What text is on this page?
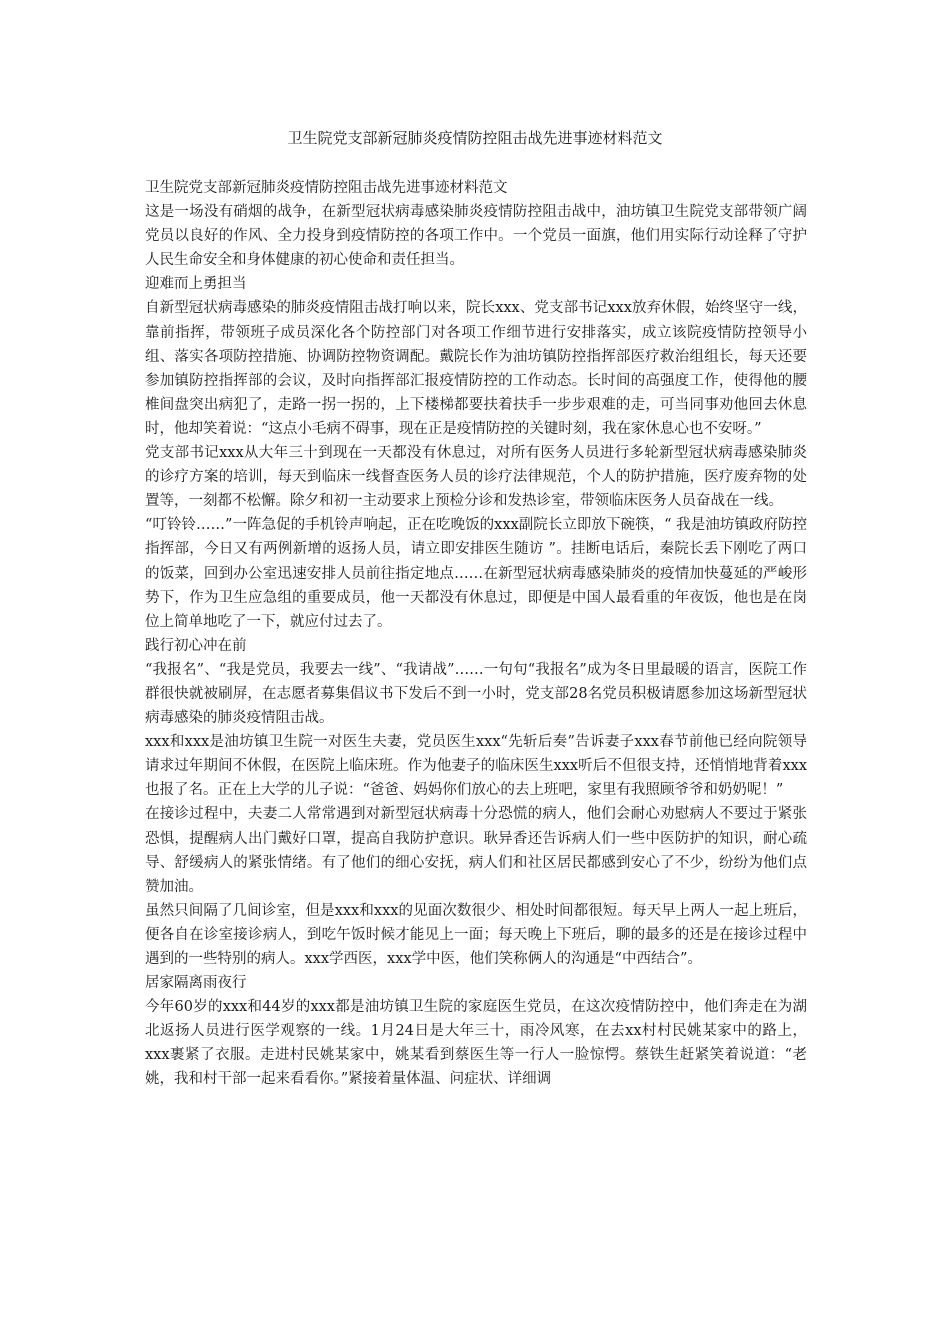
卫生院党支部新冠肺炎疫情防控阻击战先进事迹材料范文

卫生院党支部新冠肺炎疫情防控阻击战先进事迹材料范文

这是一场没有硝烟的战争，在新型冠状病毒感染肺炎疫情防控阻击战中，油坊镇卫生院党支部带领广阔党员以良好的作风、全力投身到疫情防控的各项工作中。一个党员一面旗，他们用实际行动诠释了守护人民生命安全和身体健康的初心使命和责任担当。

迎难而上勇担当

自新型冠状病毒感染的肺炎疫情阻击战打响以来，院长xxx、党支部书记xxx放弃休假，始终坚守一线，靠前指挥，带领班子成员深化各个防控部门对各项工作细节进行安排落实，成立该院疫情防控领导小组、落实各项防控措施、协调防控物资调配。戴院长作为油坊镇防控指挥部医疗救治组组长，每天还要参加镇防控指挥部的会议，及时向指挥部汇报疫情防控的工作动态。长时间的高强度工作，使得他的腰椎间盘突出病犯了，走路一拐一拐的，上下楼梯都要扶着扶手一步步艰难的走，可当同事劝他回去休息时，他却笑着说：“这点小毛病不碍事，现在正是疫情防控的关键时刻，我在家休息心也不安呀。”

党支部书记xxx从大年三十到现在一天都没有休息过，对所有医务人员进行多轮新型冠状病毒感染肺炎的诊疗方案的培训，每天到临床一线督查医务人员的诊疗法律规范，个人的防护措施，医疗废弃物的处置等，一刻都不松懈。除夕和初一主动要求上预检分诊和发热诊室，带领临床医务人员奋战在一线。

“叮铃铃……”一阵急促的手机铃声响起，正在吃晚饭的xxx副院长立即放下碗筷，“ 我是油坊镇政府防控指挥部，今日又有两例新增的返扬人员，请立即安排医生随访 ”。挂断电话后，秦院长丢下刚吃了两口的饭菜，回到办公室迅速安排人员前往指定地点……在新型冠状病毒感染肺炎的疫情加快蔓延的严峻形势下，作为卫生应急组的重要成员，他一天都没有休息过，即便是中国人最看重的年夜饭，他也是在岗位上简单地吃了一下，就应付过去了。

践行初心冲在前

“我报名”、“我是党员，我要去一线”、“我请战”……一句句“我报名”成为冬日里最暖的语言，医院工作群很快就被刷屏，在志愿者募集倡议书下发后不到一小时，党支部28名党员积极请愿参加这场新型冠状病毒感染的肺炎疫情阻击战。

xxx和xxx是油坊镇卫生院一对医生夫妻，党员医生xxx“先斩后奏”告诉妻子xxx春节前他已经向院领导请求过年期间不休假，在医院上临床班。作为他妻子的临床医生xxx听后不但很支持，还悄悄地背着xxx也报了名。正在上大学的儿子说：“爸爸、妈妈你们放心的去上班吧，家里有我照顾爷爷和奶奶呢！”

在接诊过程中，夫妻二人常常遇到对新型冠状病毒十分恐慌的病人，他们会耐心劝慰病人不要过于紧张恐惧，提醒病人出门戴好口罩，提高自我防护意识。耿异香还告诉病人们一些中医防护的知识，耐心疏导、舒缓病人的紧张情绪。有了他们的细心安抚，病人们和社区居民都感到安心了不少，纷纷为他们点赞加油。

虽然只间隔了几间诊室，但是xxx和xxx的见面次数很少、相处时间都很短。每天早上两人一起上班后，便各自在诊室接诊病人，到吃午饭时候才能见上一面；每天晚上下班后，聊的最多的还是在接诊过程中遇到的一些特别的病人。xxx学西医，xxx学中医，他们笑称俩人的沟通是“中西结合”。

居家隔离雨夜行

今年60岁的xxx和44岁的xxx都是油坊镇卫生院的家庭医生党员，在这次疫情防控中，他们奔走在为湖北返扬人员进行医学观察的一线。1月24日是大年三十，雨冷风寒，在去xx村村民姚某家中的路上，xxx裹紧了衣服。走进村民姚某家中，姚某看到蔡医生等一行人一脸惊愕。蔡铁生赶紧笑着说道：“老姚，我和村干部一起来看看你。”紧接着量体温、问症状、详细调
